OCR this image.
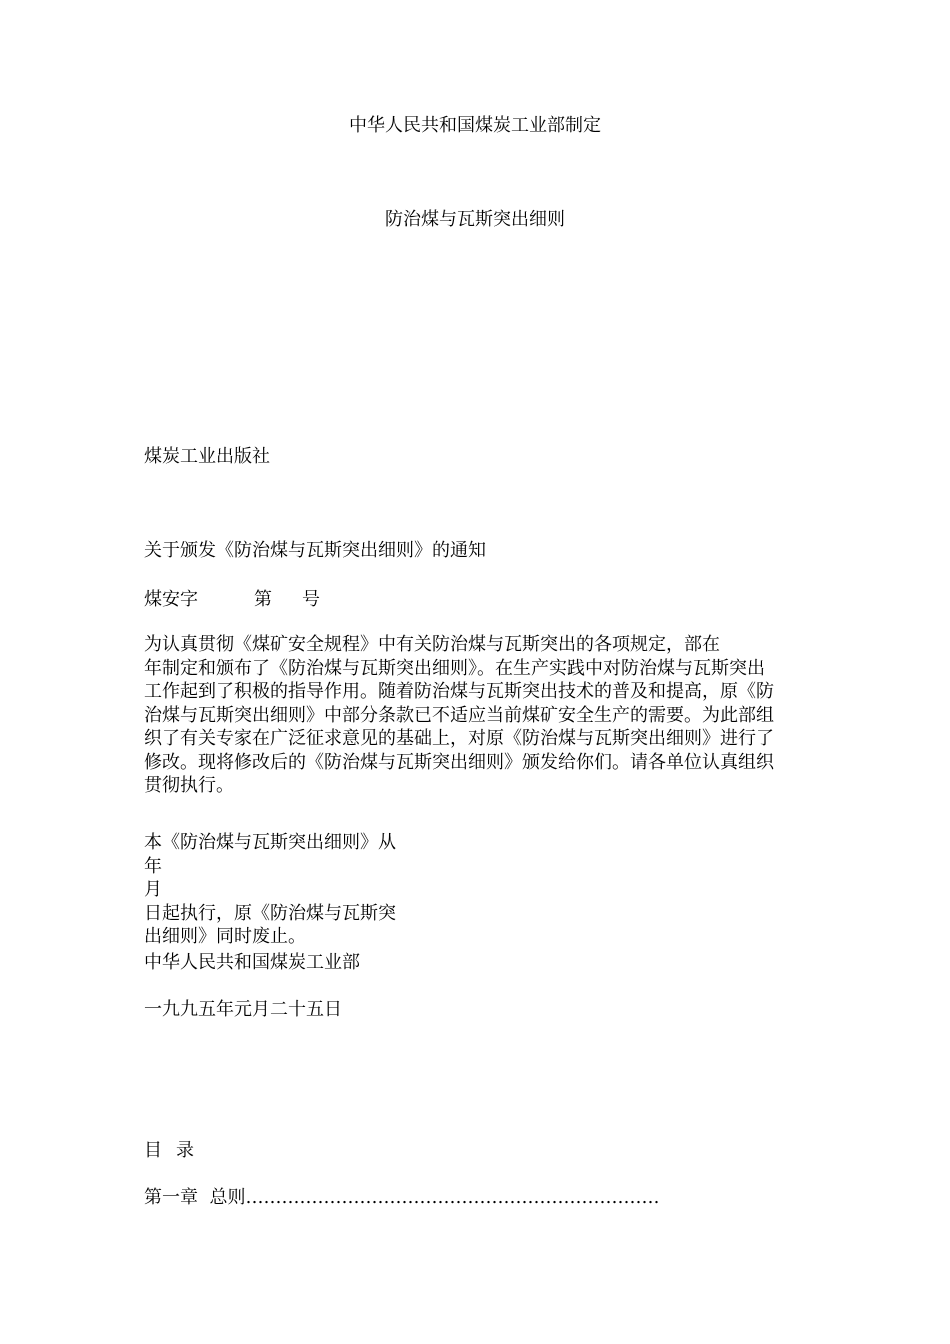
中华人民共和国煤炭工业部制定
防治煤与瓦斯突出细则
煤炭工业出版社
关于颁发《防治煤与瓦斯突出细则》的通知
煤安字	第 号
为认真贯彻《煤矿安全规程》中有关防治煤与瓦斯突出的各项规定，部在
年制定和颁布了《防治煤与瓦斯突出细则》。在生产实践中对防治煤与瓦斯突出
工作起到了积极的指导作用。随着防治煤与瓦斯突出技术的普及和提高，原《防
治煤与瓦斯突出细则》中部分条款已不适应当前煤矿安全生产的需要。为此部组
织了有关专家在广泛征求意见的基础上，对原《防治煤与瓦斯突出细则》进行了
修改。现将修改后的《防治煤与瓦斯突出细则》颁发给你们。请各单位认真组织
贯彻执行。
本《防治煤与瓦斯突出细则》从
年
月
日起执行，原《防治煤与瓦斯突
出细则》同时废止。
中华人民共和国煤炭工业部
一九九五年元月二十五日
目 录
第一章  总则……………………………………………………………
